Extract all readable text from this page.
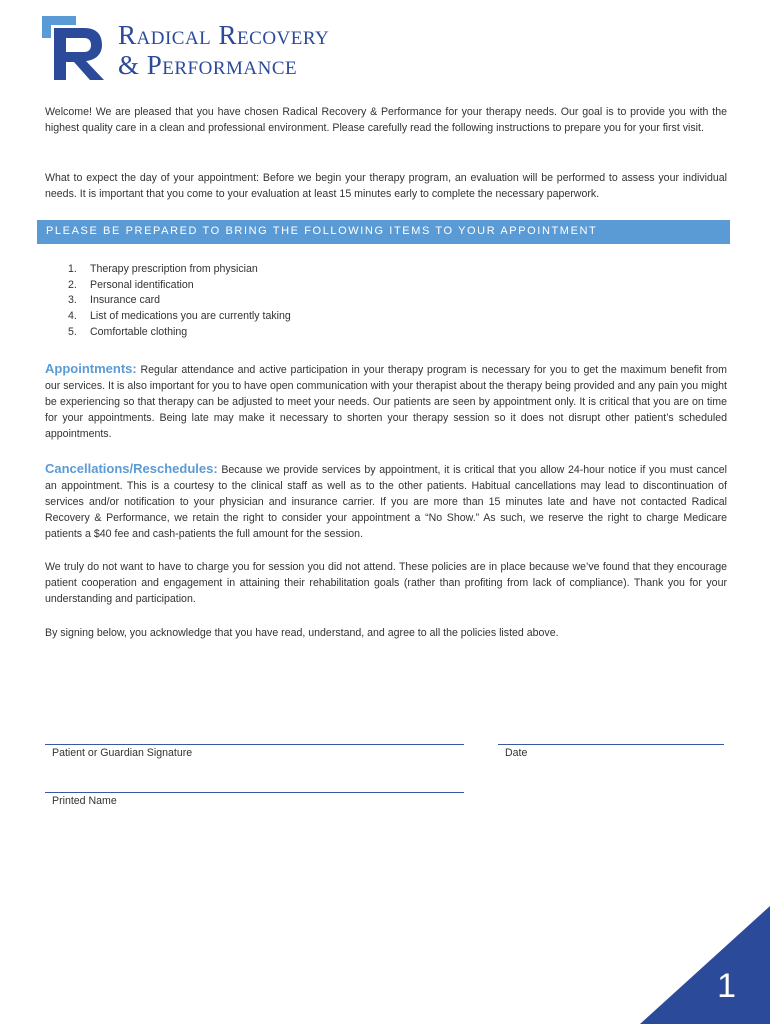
Radical Recovery
& Performance
Welcome! We are pleased that you have chosen Radical Recovery & Performance for your therapy needs. Our goal is to provide you with the highest quality care in a clean and professional environment. Please carefully read the following instructions to prepare you for your first visit.
What to expect the day of your appointment: Before we begin your therapy program, an evaluation will be performed to assess your individual needs. It is important that you come to your evaluation at least 15 minutes early to complete the necessary paperwork.
PLEASE BE PREPARED TO BRING THE FOLLOWING ITEMS TO YOUR APPOINTMENT
1. Therapy prescription from physician
2. Personal identification
3. Insurance card
4. List of medications you are currently taking
5. Comfortable clothing
Appointments: Regular attendance and active participation in your therapy program is necessary for you to get the maximum benefit from our services. It is also important for you to have open communication with your therapist about the therapy being provided and any pain you might be experiencing so that therapy can be adjusted to meet your needs. Our patients are seen by appointment only. It is critical that you are on time for your appointments. Being late may make it necessary to shorten your therapy session so it does not disrupt other patient’s scheduled appointments.
Cancellations/Reschedules: Because we provide services by appointment, it is critical that you allow 24-hour notice if you must cancel an appointment. This is a courtesy to the clinical staff as well as to the other patients. Habitual cancellations may lead to discontinuation of services and/or notification to your physician and insurance carrier. If you are more than 15 minutes late and have not contacted Radical Recovery & Performance, we retain the right to consider your appointment a “No Show.” As such, we reserve the right to charge Medicare patients a $40 fee and cash-patients the full amount for the session.
We truly do not want to have to charge you for session you did not attend. These policies are in place because we’ve found that they encourage patient cooperation and engagement in attaining their rehabilitation goals (rather than profiting from lack of compliance). Thank you for your understanding and participation.
By signing below, you acknowledge that you have read, understand, and agree to all the policies listed above.
Patient or Guardian Signature	Date
Printed Name
1
